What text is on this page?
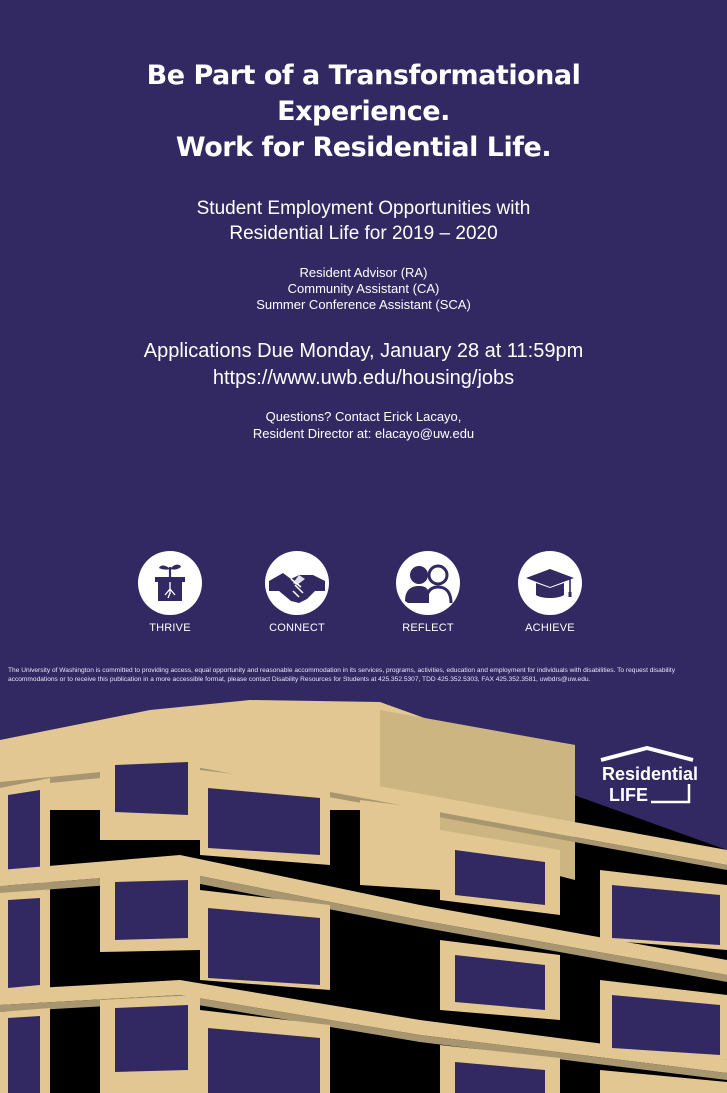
Be Part of a Transformational
Experience.
Work for Residential Life.
Student Employment Opportunities with
Residential Life for 2019 – 2020
Resident Advisor (RA)
Community Assistant (CA)
Summer Conference Assistant (SCA)
Applications Due Monday, January 28 at 11:59pm
https://www.uwb.edu/housing/jobs
Questions? Contact Erick Lacayo,
Resident Director at: elacayo@uw.edu
THRIVE	CONNECT	REFLECT	ACHIEVE
The University of Washington is committed to providing access, equal opportunity and reasonable accommodation in its services, programs, activities, education and employment for individuals with disabilities. To request disability accommodations or to receive this publication in a more accessible format, please contact Disability Resources for Students at 425.352.5307, TDD 425.352.5303, FAX 425.352.3581, uwbdrs@uw.edu.
Residential
LIFE
